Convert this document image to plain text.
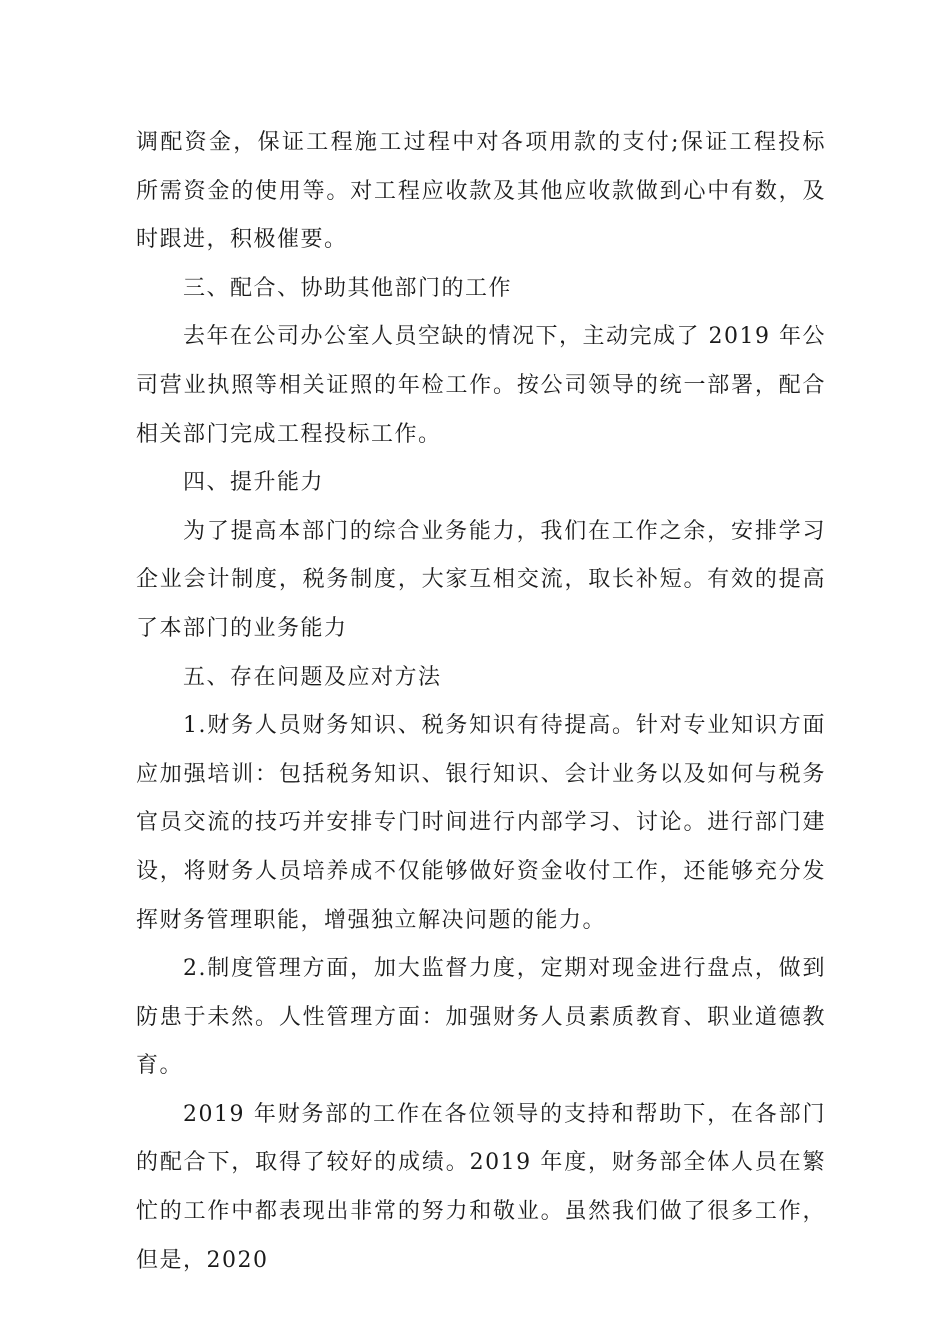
调配资金，保证工程施工过程中对各项用款的支付;保证工程投标所需资金的使用等。对工程应收款及其他应收款做到心中有数，及时跟进，积极催要。

三、配合、协助其他部门的工作

去年在公司办公室人员空缺的情况下，主动完成了 2019 年公司营业执照等相关证照的年检工作。按公司领导的统一部署，配合相关部门完成工程投标工作。

四、提升能力

为了提高本部门的综合业务能力，我们在工作之余，安排学习企业会计制度，税务制度，大家互相交流，取长补短。有效的提高了本部门的业务能力

五、存在问题及应对方法

1.财务人员财务知识、税务知识有待提高。针对专业知识方面应加强培训：包括税务知识、银行知识、会计业务以及如何与税务官员交流的技巧并安排专门时间进行内部学习、讨论。进行部门建设，将财务人员培养成不仅能够做好资金收付工作，还能够充分发挥财务管理职能，增强独立解决问题的能力。

2.制度管理方面，加大监督力度，定期对现金进行盘点，做到防患于未然。人性管理方面：加强财务人员素质教育、职业道德教育。

2019 年财务部的工作在各位领导的支持和帮助下，在各部门的配合下，取得了较好的成绩。2019 年度，财务部全体人员在繁忙的工作中都表现出非常的努力和敬业。虽然我们做了很多工作，但是，2020
